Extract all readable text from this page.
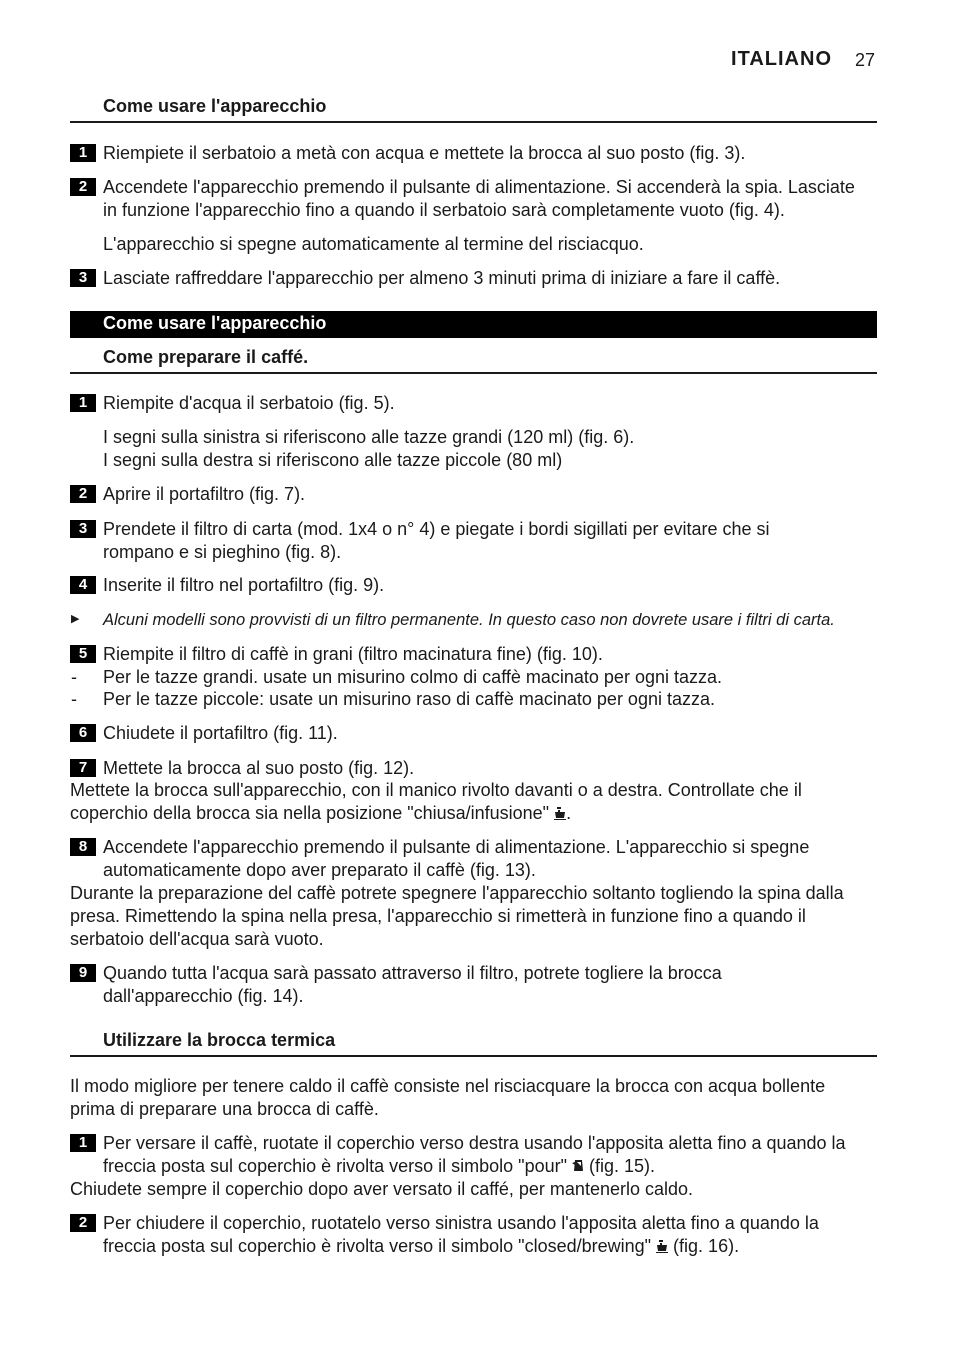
ITALIANO 27
Come usare l'apparecchio
1 Riempiete il serbatoio a metà con acqua e mettete la brocca al suo posto (fig. 3).
2 Accendete l'apparecchio premendo il pulsante di alimentazione. Si accenderà la spia. Lasciate
in funzione l'apparecchio fino a quando il serbatoio sarà completamente vuoto (fig. 4).
L'apparecchio si spegne automaticamente al termine del risciacquo.
3 Lasciate raffreddare l'apparecchio per almeno 3 minuti prima di iniziare a fare il caffè.
Come usare l'apparecchio
Come preparare il caffé.
1 Riempite d'acqua il serbatoio (fig. 5).
I segni sulla sinistra si riferiscono alle tazze grandi (120 ml) (fig. 6).
I segni sulla destra si riferiscono alle tazze piccole (80 ml)
2 Aprire il portafiltro (fig. 7).
3 Prendete il filtro di carta (mod. 1x4 o n° 4) e piegate i bordi sigillati per evitare che si
rompano e si pieghino (fig. 8).
4 Inserite il filtro nel portafiltro (fig. 9).
▶ Alcuni modelli sono provvisti di un filtro permanente. In questo caso non dovrete usare i filtri di carta.
5 Riempite il filtro di caffè in grani (filtro macinatura fine) (fig. 10).
- Per le tazze grandi. usate un misurino colmo di caffè macinato per ogni tazza.
- Per le tazze piccole: usate un misurino raso di caffè macinato per ogni tazza.
6 Chiudete il portafiltro (fig. 11).
7 Mettete la brocca al suo posto (fig. 12).
Mettete la brocca sull'apparecchio, con il manico rivolto davanti o a destra. Controllate che il
coperchio della brocca sia nella posizione "chiusa/infusione" .
8 Accendete l'apparecchio premendo il pulsante di alimentazione. L'apparecchio si spegne
automaticamente dopo aver preparato il caffè (fig. 13).
Durante la preparazione del caffè potrete spegnere l'apparecchio soltanto togliendo la spina dalla
presa. Rimettendo la spina nella presa, l'apparecchio si rimetterà in funzione fino a quando il
serbatoio dell'acqua sarà vuoto.
9 Quando tutta l'acqua sarà passato attraverso il filtro, potrete togliere la brocca
dall'apparecchio (fig. 14).
Utilizzare la brocca termica
Il modo migliore per tenere caldo il caffè consiste nel risciacquare la brocca con acqua bollente
prima di preparare una brocca di caffè.
1 Per versare il caffè, ruotate il coperchio verso destra usando l'apposita aletta fino a quando la
freccia posta sul coperchio è rivolta verso il simbolo "pour"  (fig. 15).
Chiudete sempre il coperchio dopo aver versato il caffé, per mantenerlo caldo.
2 Per chiudere il coperchio, ruotatelo verso sinistra usando l'apposita aletta fino a quando la
freccia posta sul coperchio è rivolta verso il simbolo "closed/brewing"  (fig. 16).
